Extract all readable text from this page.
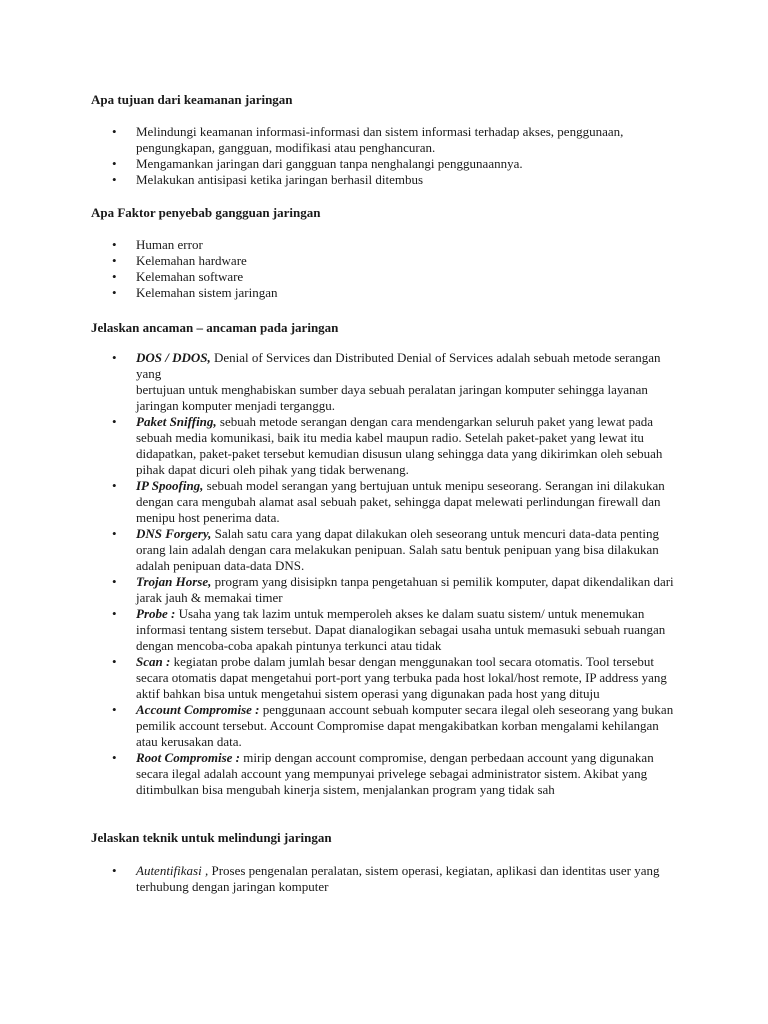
Apa tujuan dari keamanan jaringan
• Melindungi keamanan informasi-informasi dan sistem informasi terhadap akses, penggunaan, pengungkapan, gangguan, modifikasi atau penghancuran.
• Mengamankan jaringan dari gangguan tanpa nenghalangi penggunaannya.
• Melakukan antisipasi ketika jaringan berhasil ditembus
Apa Faktor penyebab gangguan jaringan
• Human error
• Kelemahan hardware
• Kelemahan software
• Kelemahan sistem jaringan
Jelaskan ancaman – ancaman pada jaringan
• DOS / DDOS, Denial of Services dan Distributed Denial of Services adalah sebuah metode serangan yang
bertujuan untuk menghabiskan sumber daya sebuah peralatan jaringan komputer sehingga layanan jaringan komputer menjadi terganggu.
• Paket Sniffing, sebuah metode serangan dengan cara mendengarkan seluruh paket yang lewat pada sebuah media komunikasi, baik itu media kabel maupun radio. Setelah paket-paket yang lewat itu didapatkan, paket-paket tersebut kemudian disusun ulang sehingga data yang dikirimkan oleh sebuah pihak dapat dicuri oleh pihak yang tidak berwenang.
• IP Spoofing, sebuah model serangan yang bertujuan untuk menipu seseorang. Serangan ini dilakukan dengan cara mengubah alamat asal sebuah paket, sehingga dapat melewati perlindungan firewall dan menipu host penerima data.
• DNS Forgery, Salah satu cara yang dapat dilakukan oleh seseorang untuk mencuri data-data penting orang lain adalah dengan cara melakukan penipuan. Salah satu bentuk penipuan yang bisa dilakukan adalah penipuan data-data DNS.
• Trojan Horse, program yang disisipkn tanpa pengetahuan si pemilik komputer, dapat dikendalikan dari jarak jauh & memakai timer
• Probe : Usaha yang tak lazim untuk memperoleh akses ke dalam suatu sistem/ untuk menemukan informasi tentang sistem tersebut. Dapat dianalogikan sebagai usaha untuk memasuki sebuah ruangan dengan mencoba-coba apakah pintunya terkunci atau tidak
• Scan : kegiatan probe dalam jumlah besar dengan menggunakan tool secara otomatis. Tool tersebut secara otomatis dapat mengetahui port-port yang terbuka pada host lokal/host remote, IP address yang aktif bahkan bisa untuk mengetahui sistem operasi yang digunakan pada host yang dituju
• Account Compromise : penggunaan account sebuah komputer secara ilegal oleh seseorang yang bukan pemilik account tersebut. Account Compromise dapat mengakibatkan korban mengalami kehilangan atau kerusakan data.
• Root Compromise : mirip dengan account compromise, dengan perbedaan account yang digunakan secara ilegal adalah account yang mempunyai privelege sebagai administrator sistem. Akibat yang ditimbulkan bisa mengubah kinerja sistem, menjalankan program yang tidak sah
Jelaskan teknik untuk melindungi jaringan
• Autentifikasi , Proses pengenalan peralatan, sistem operasi, kegiatan, aplikasi dan identitas user yang terhubung dengan jaringan komputer
